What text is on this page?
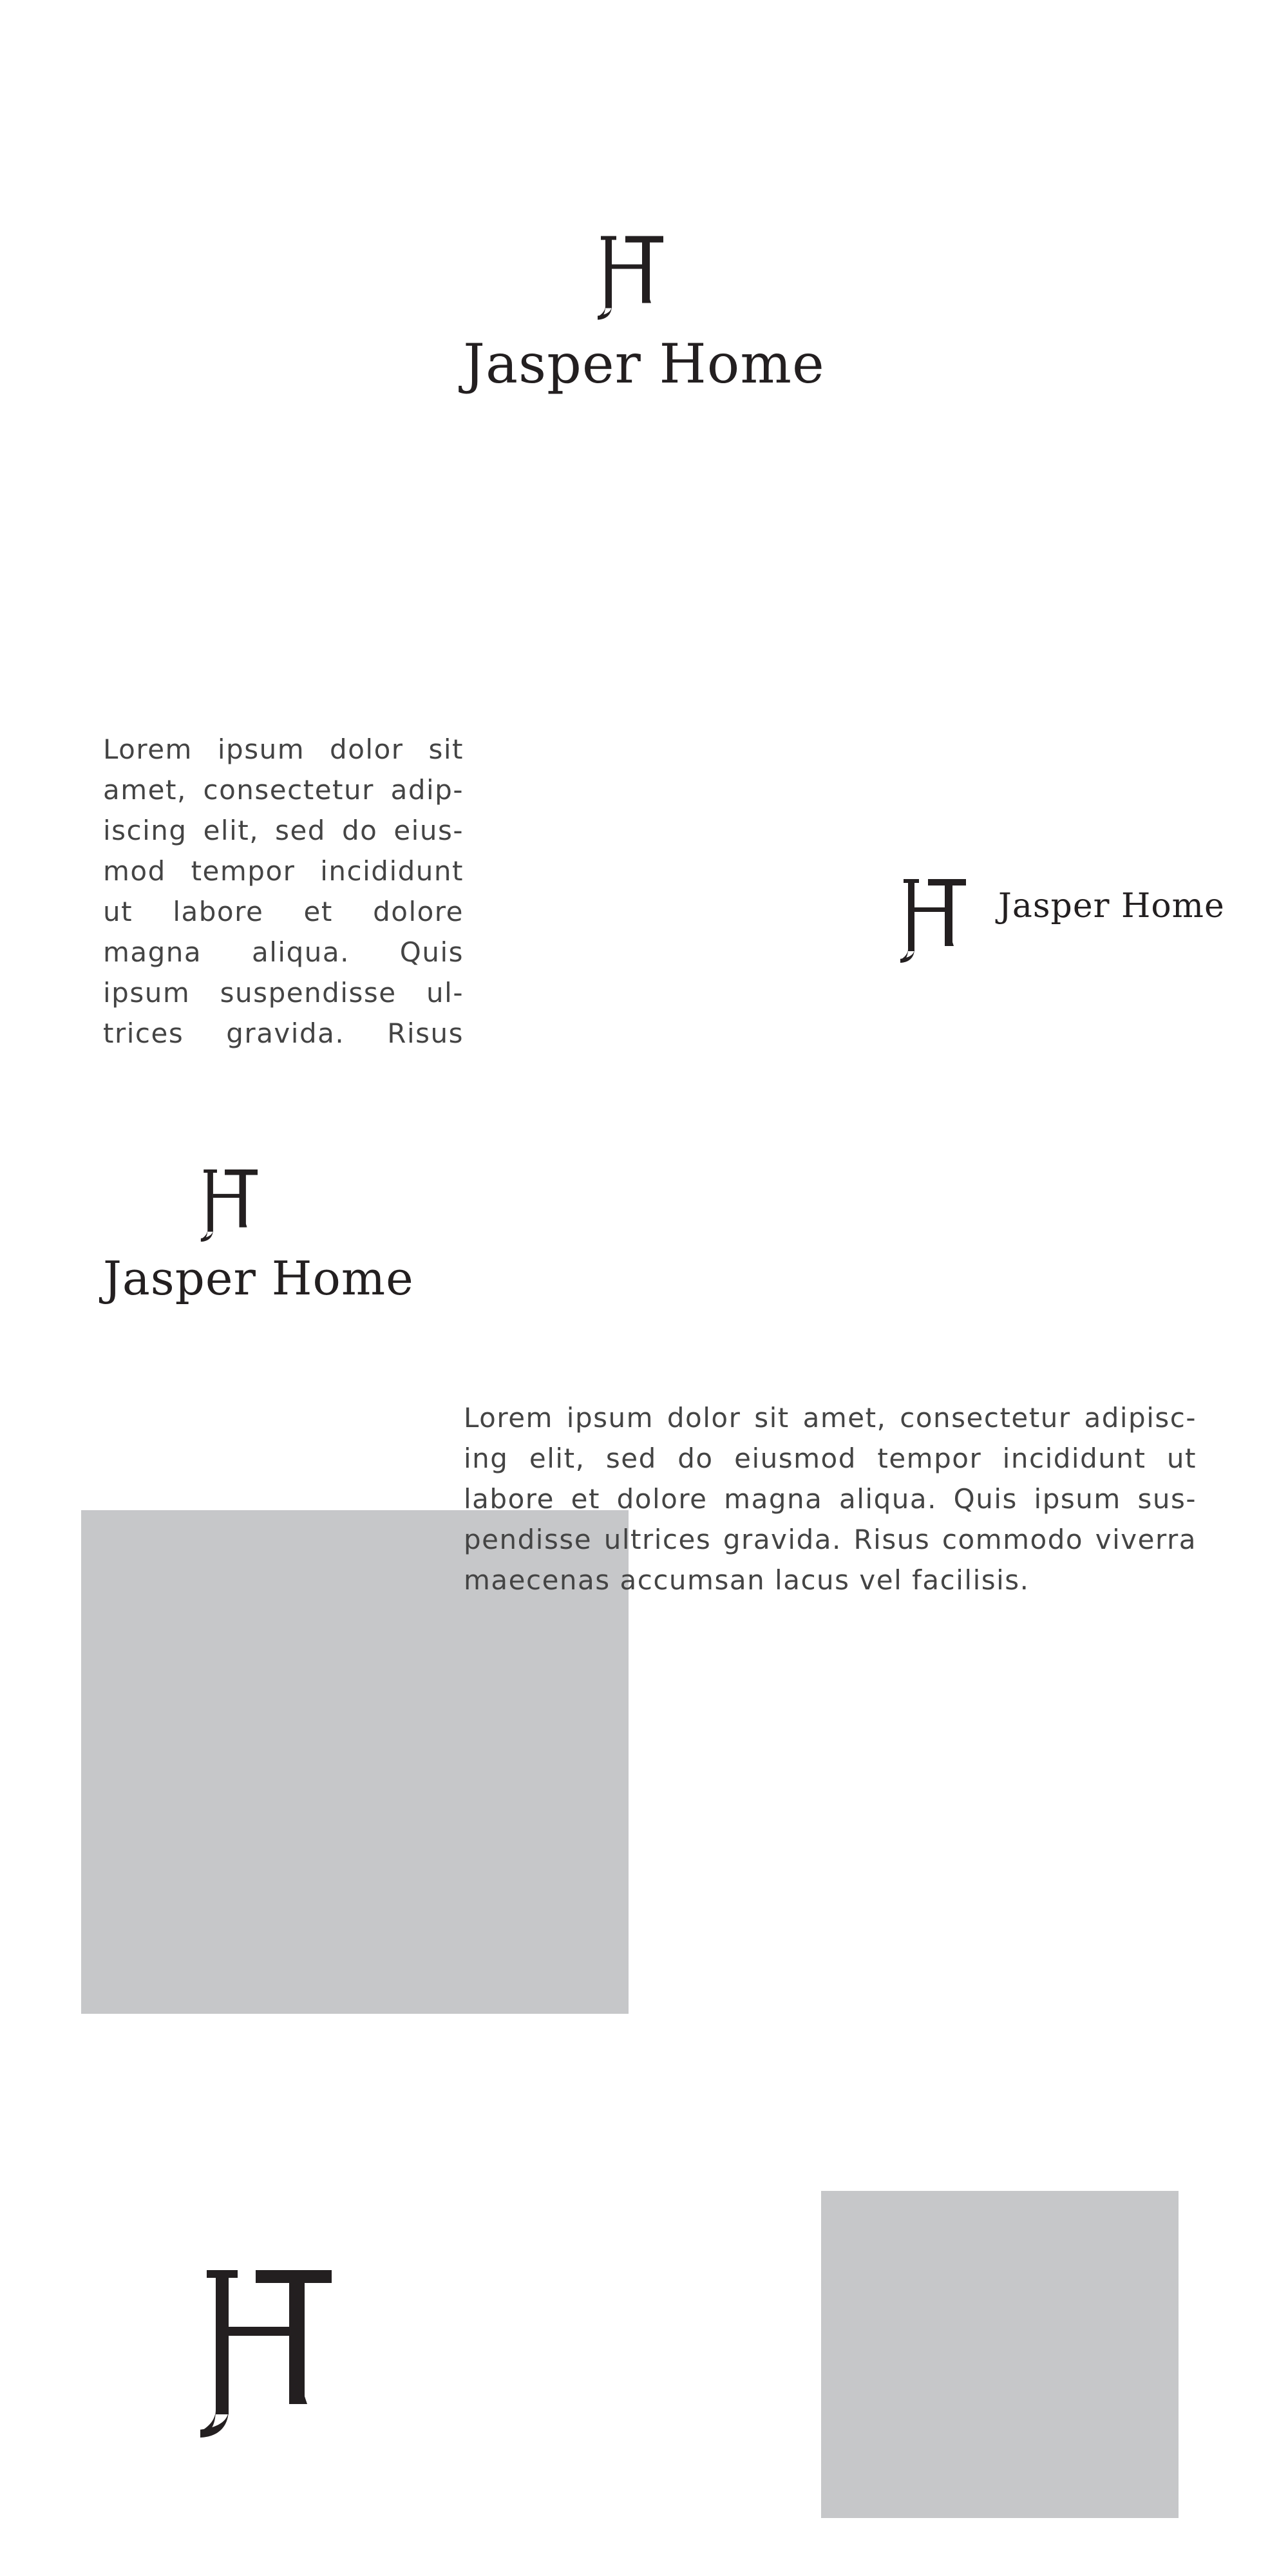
Jasper Home
Lorem ipsum dolor sit amet, consectetur adip-iscing elit, sed do eius-mod tempor incididunt ut labore et dolore magna aliqua. Quis ipsum suspendisse ul-trices gravida. Risus
Jasper Home
Jasper Home
Lorem ipsum dolor sit amet, consectetur adipisc-ing elit, sed do eiusmod tempor incididunt ut labore et dolore magna aliqua. Quis ipsum sus-pendisse ultrices gravida. Risus commodo viverra maecenas accumsan lacus vel facilisis.
